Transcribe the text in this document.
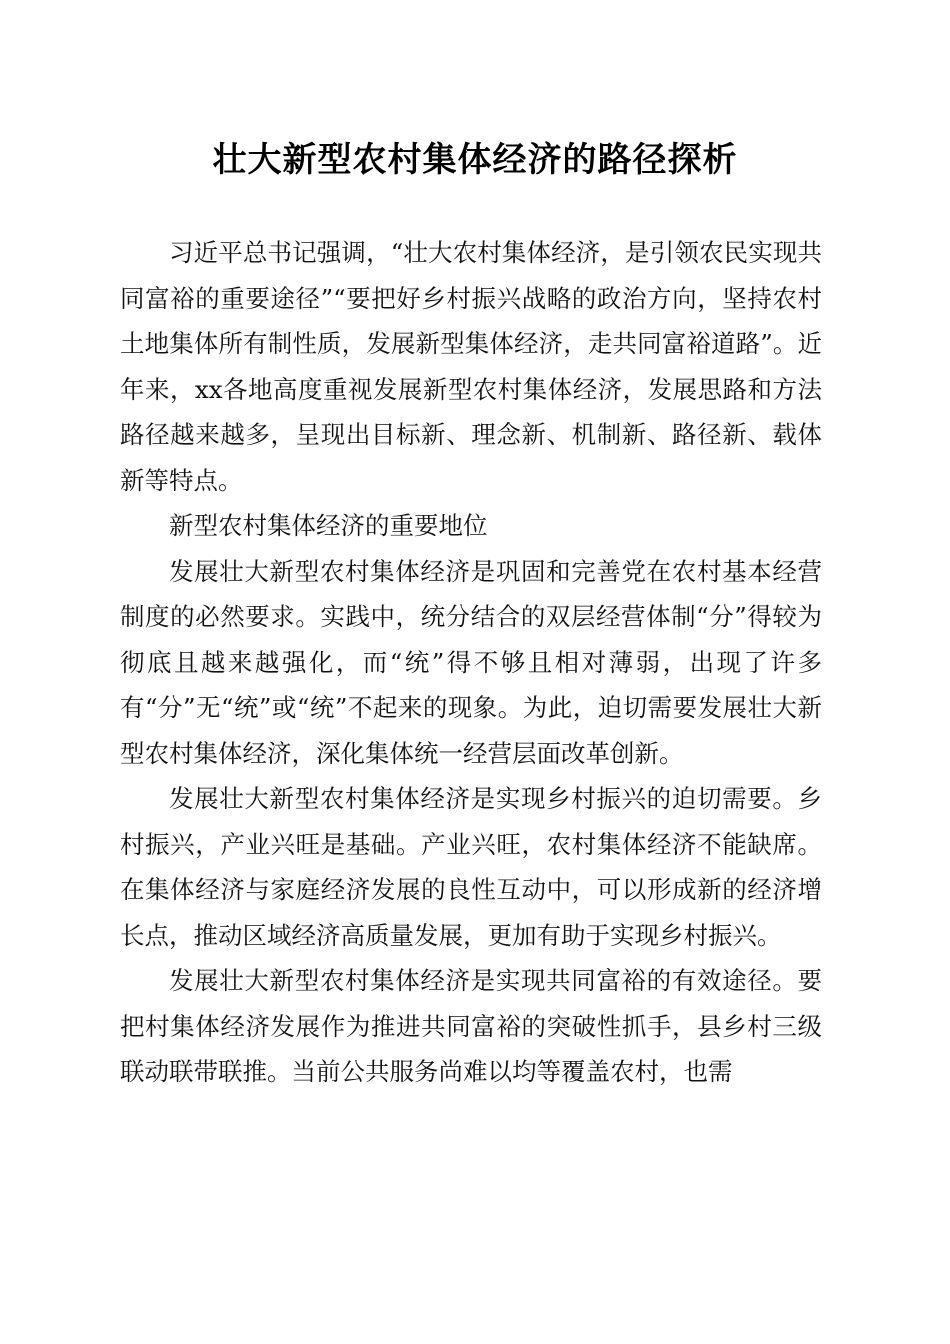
壮大新型农村集体经济的路径探析

习近平总书记强调，“壮大农村集体经济，是引领农民实现共同富裕的重要途径”“要把好乡村振兴战略的政治方向，坚持农村土地集体所有制性质，发展新型集体经济，走共同富裕道路”。近年来，xx各地高度重视发展新型农村集体经济，发展思路和方法路径越来越多，呈现出目标新、理念新、机制新、路径新、载体新等特点。

新型农村集体经济的重要地位

发展壮大新型农村集体经济是巩固和完善党在农村基本经营制度的必然要求。实践中，统分结合的双层经营体制“分”得较为彻底且越来越强化，而“统”得不够且相对薄弱，出现了许多有“分”无“统”或“统”不起来的现象。为此，迫切需要发展壮大新型农村集体经济，深化集体统一经营层面改革创新。

发展壮大新型农村集体经济是实现乡村振兴的迫切需要。乡村振兴，产业兴旺是基础。产业兴旺，农村集体经济不能缺席。在集体经济与家庭经济发展的良性互动中，可以形成新的经济增长点，推动区域经济高质量发展，更加有助于实现乡村振兴。

发展壮大新型农村集体经济是实现共同富裕的有效途径。要把村集体经济发展作为推进共同富裕的突破性抓手，县乡村三级联动联带联推。当前公共服务尚难以均等覆盖农村，也需
